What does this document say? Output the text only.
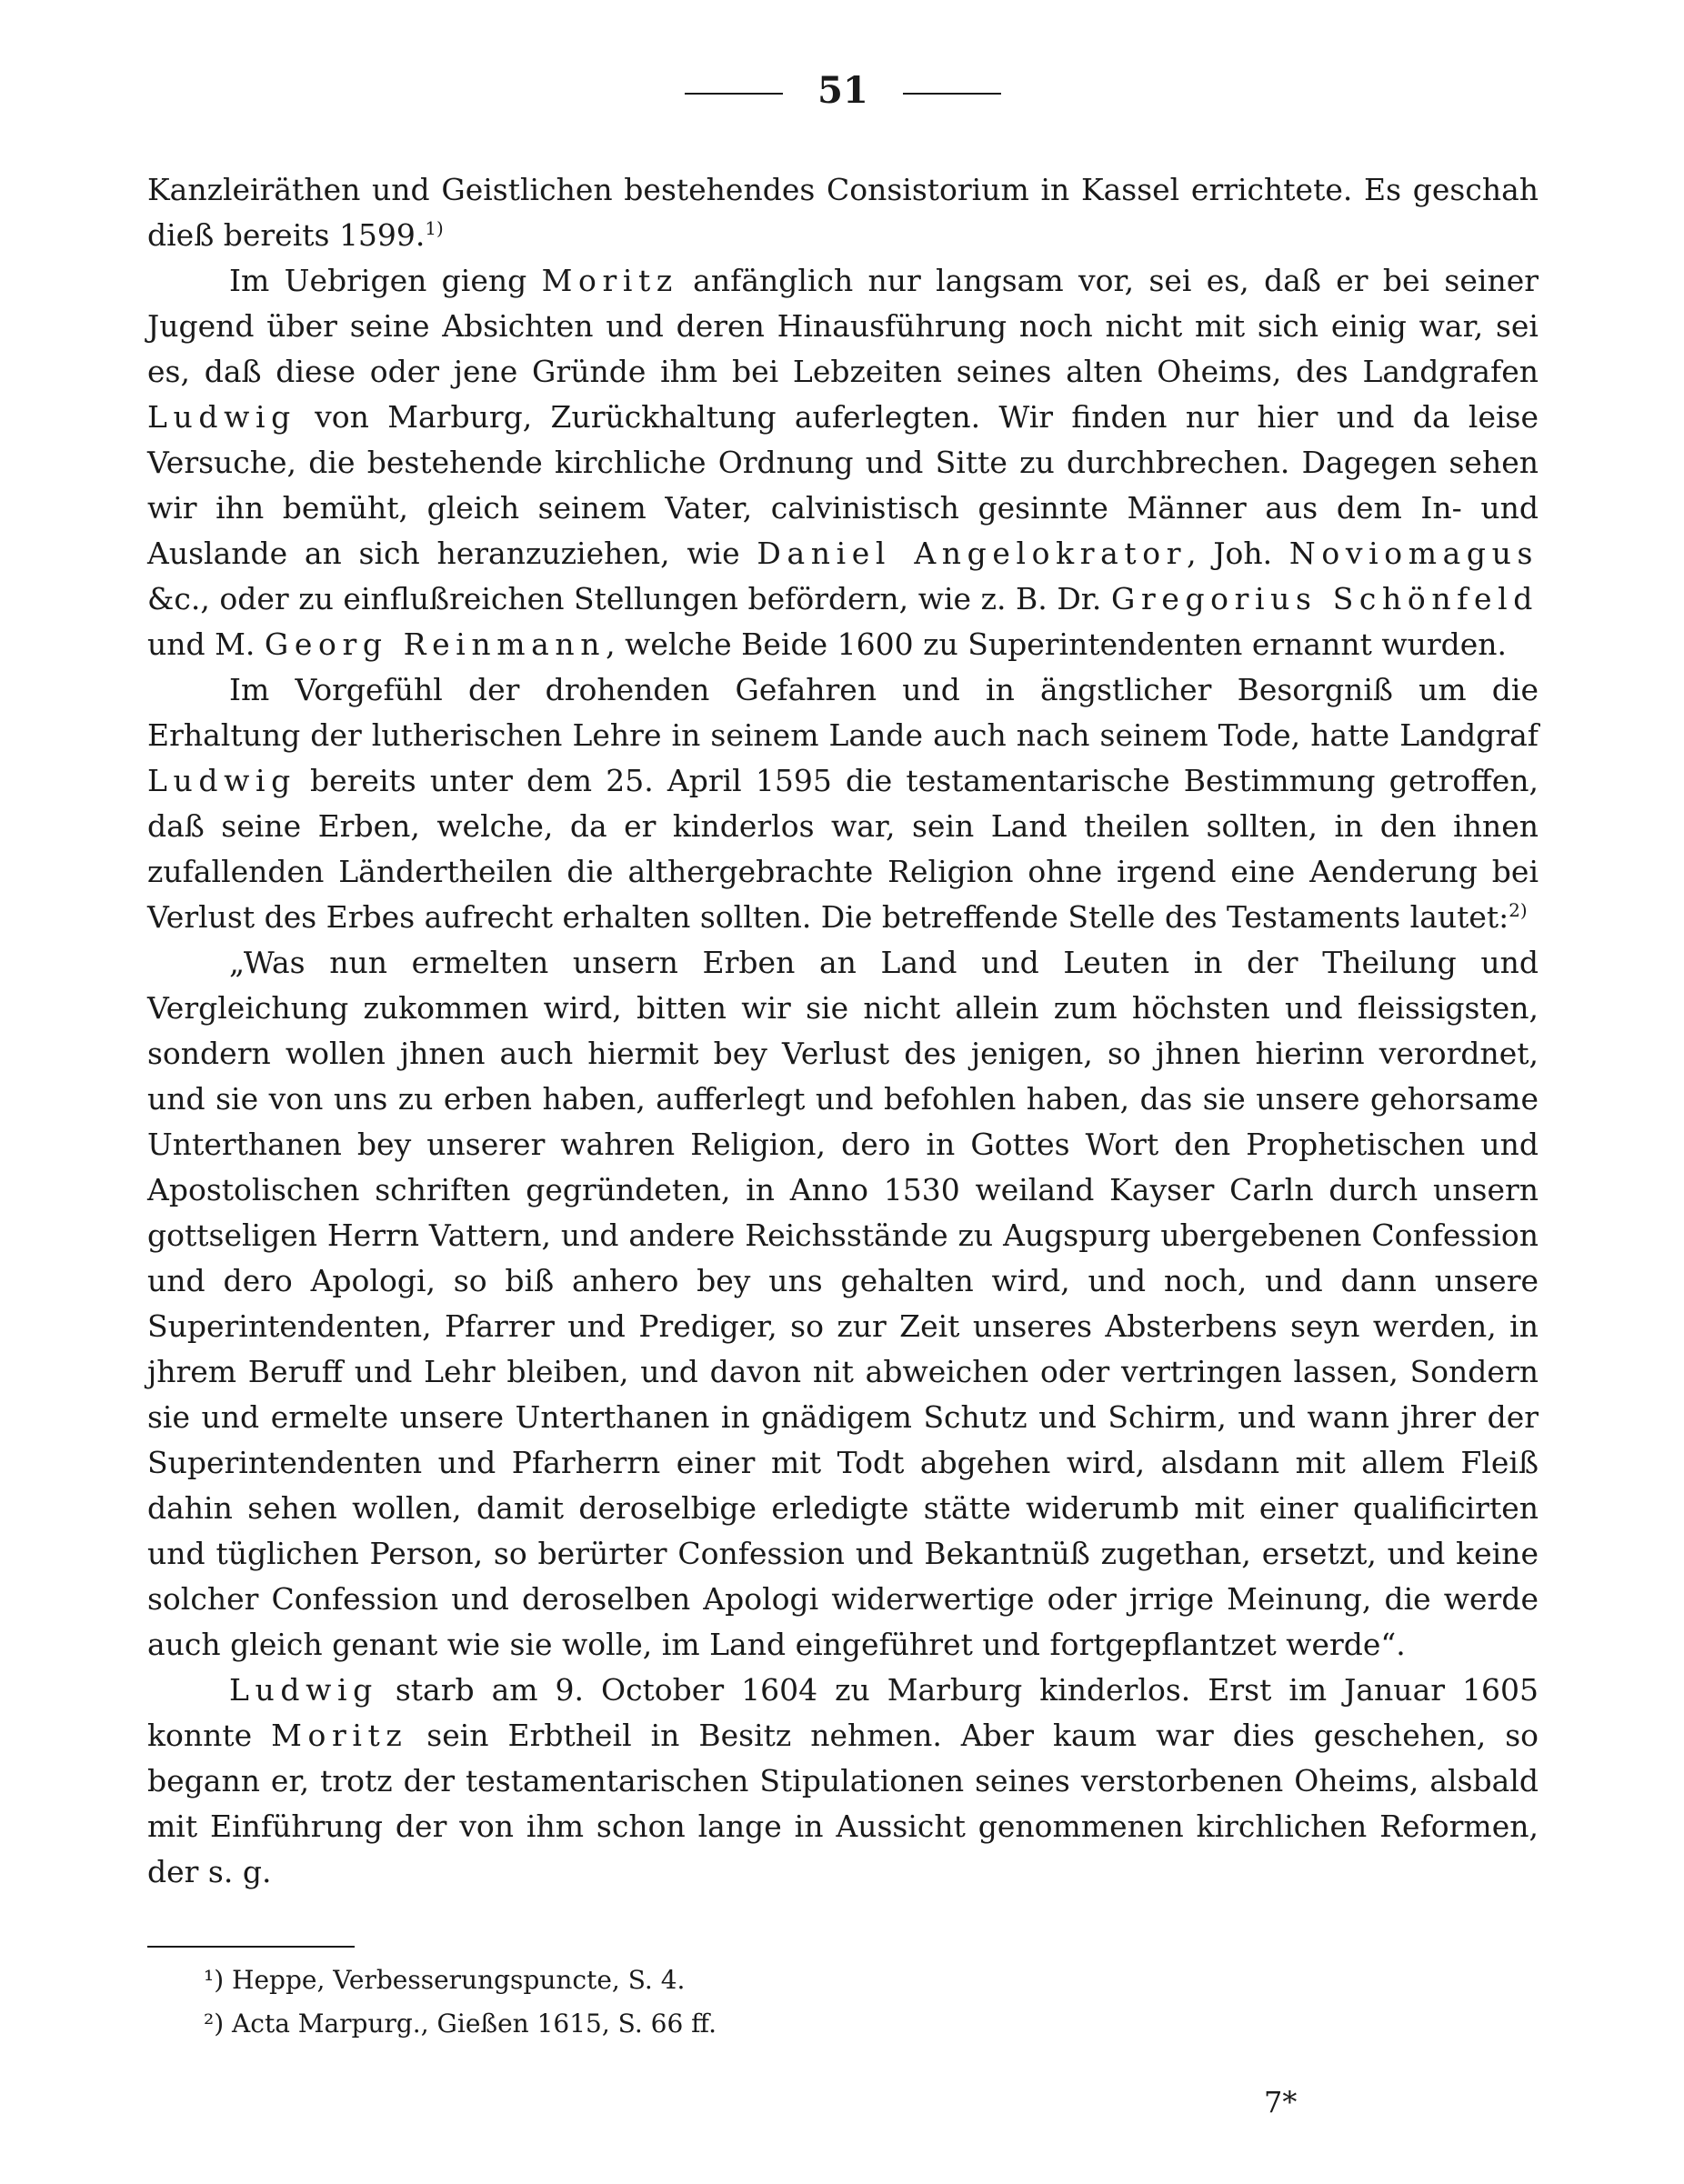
51

Kanzleiräthen und Geistlichen bestehendes Consistorium in Kassel errichtete. Es geschah dieß bereits 1599.$^{1)}$

Im Uebrigen gieng Moritz anfänglich nur langsam vor, sei es, daß er bei seiner Jugend über seine Absichten und deren Hinausführung noch nicht mit sich einig war, sei es, daß diese oder jene Gründe ihm bei Lebzeiten seines alten Oheims, des Landgrafen Ludwig von Marburg, Zurückhaltung auferlegten. Wir finden nur hier und da leise Versuche, die bestehende kirchliche Ordnung und Sitte zu durchbrechen. Dagegen sehen wir ihn bemüht, gleich seinem Vater, calvinistisch gesinnte Männer aus dem In- und Auslande an sich heranzuziehen, wie Daniel Angelokrator, Joh. Noviomagus &c., oder zu einflußreichen Stellungen befördern, wie z. B. Dr. Gregorius Schönfeld und M. Georg Reinmann, welche Beide 1600 zu Superintendenten ernannt wurden.

Im Vorgefühl der drohenden Gefahren und in ängstlicher Besorgniß um die Erhaltung der lutherischen Lehre in seinem Lande auch nach seinem Tode, hatte Landgraf Ludwig bereits unter dem 25. April 1595 die testamentarische Bestimmung getroffen, daß seine Erben, welche, da er kinderlos war, sein Land theilen sollten, in den ihnen zufallenden Ländertheilen die althergebrachte Religion ohne irgend eine Aenderung bei Verlust des Erbes aufrecht erhalten sollten. Die betreffende Stelle des Testaments lautet:$^{2)}$

„Was nun ermelten unsern Erben an Land und Leuten in der Theilung und Vergleichung zukommen wird, bitten wir sie nicht allein zum höchsten und fleissigsten, sondern wollen jhnen auch hiermit bey Verlust des jenigen, so jhnen hierinn verordnet, und sie von uns zu erben haben, aufferlegt und befohlen haben, das sie unsere gehorsame Unterthanen bey unserer wahren Religion, dero in Gottes Wort den Prophetischen und Apostolischen schriften gegründeten, in Anno 1530 weiland Kayser Carln durch unsern gottseligen Herrn Vattern, und andere Reichsstände zu Augspurg ubergebenen Confession und dero Apologi, so biß anhero bey uns gehalten wird, und noch, und dann unsere Superintendenten, Pfarrer und Prediger, so zur Zeit unseres Absterbens seyn werden, in jhrem Beruff und Lehr bleiben, und davon nit abweichen oder vertringen lassen, Sondern sie und ermelte unsere Unterthanen in gnädigem Schutz und Schirm, und wann jhrer der Superintendenten und Pfarherrn einer mit Todt abgehen wird, alsdann mit allem Fleiß dahin sehen wollen, damit deroselbige erledigte stätte widerumb mit einer qualificirten und tüglichen Person, so berürter Confession und Bekantnüß zugethan, ersetzt, und keine solcher Confession und deroselben Apologi widerwertige oder jrrige Meinung, die werde auch gleich genant wie sie wolle, im Land eingeführet und fortgepflantzet werde“.

Ludwig starb am 9. October 1604 zu Marburg kinderlos. Erst im Januar 1605 konnte Moritz sein Erbtheil in Besitz nehmen. Aber kaum war dies geschehen, so begann er, trotz der testamentarischen Stipulationen seines verstorbenen Oheims, alsbald mit Einführung der von ihm schon lange in Aussicht genommenen kirchlichen Reformen, der s. g.

¹) Heppe, Verbesserungspuncte, S. 4.

²) Acta Marpurg., Gießen 1615, S. 66 ff.

7*
